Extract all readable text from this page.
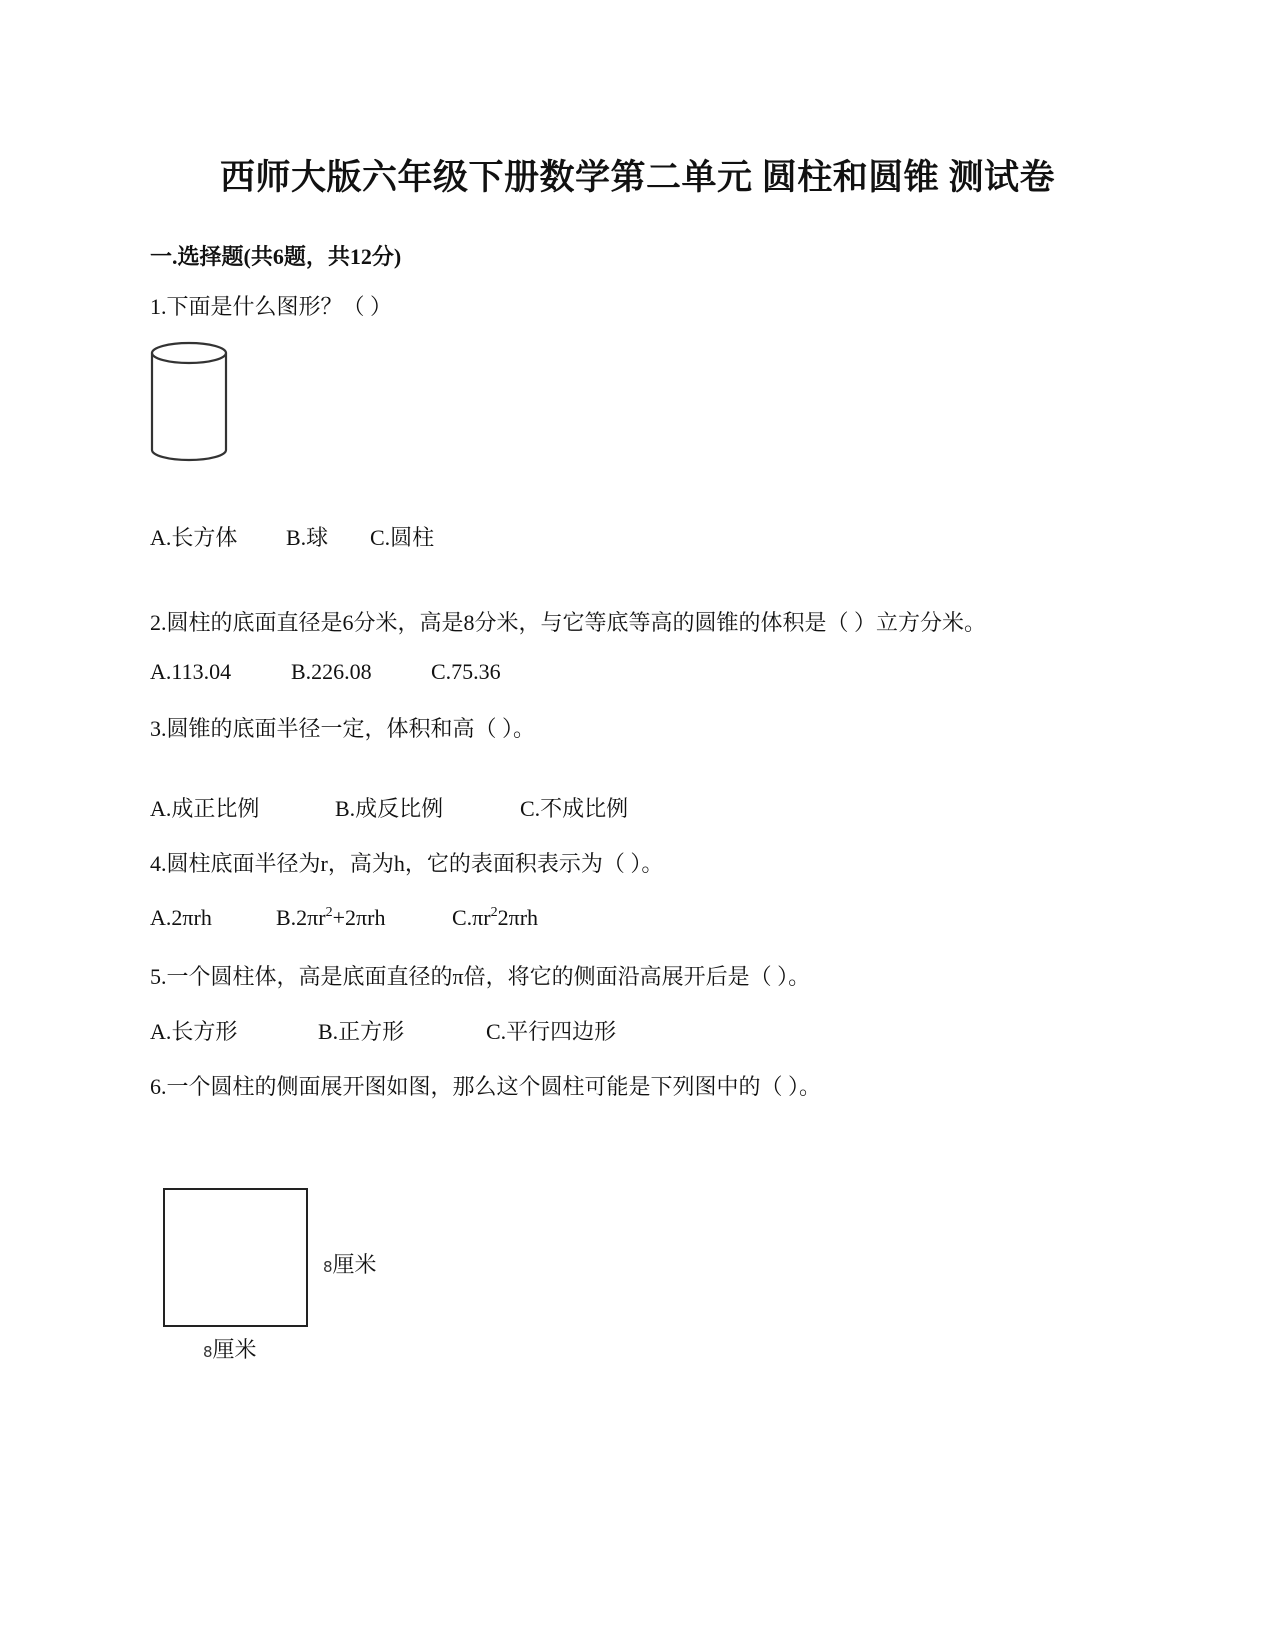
西师大版六年级下册数学第二单元 圆柱和圆锥 测试卷
一.选择题(共6题，共12分)
1.下面是什么图形？（ ）
A.长方体 B.球 C.圆柱
2.圆柱的底面直径是6分米，高是8分米，与它等底等高的圆锥的体积是（ ）立方分米。
A.113.04	B.226.08	C.75.36
3.圆锥的底面半径一定，体积和高（ ）。
A.成正比例	B.成反比例	C.不成比例
4.圆柱底面半径为r，高为h，它的表面积表示为（ ）。
A.2πrh	$B.2\pi r^2+2\pi rh$	$C.\pi r^22\pi rh$
5.一个圆柱体，高是底面直径的π倍，将它的侧面沿高展开后是（ ）。
A.长方形	B.正方形	C.平行四边形
6.一个圆柱的侧面展开图如图，那么这个圆柱可能是下列图中的（ ）。
8厘米
8厘米
